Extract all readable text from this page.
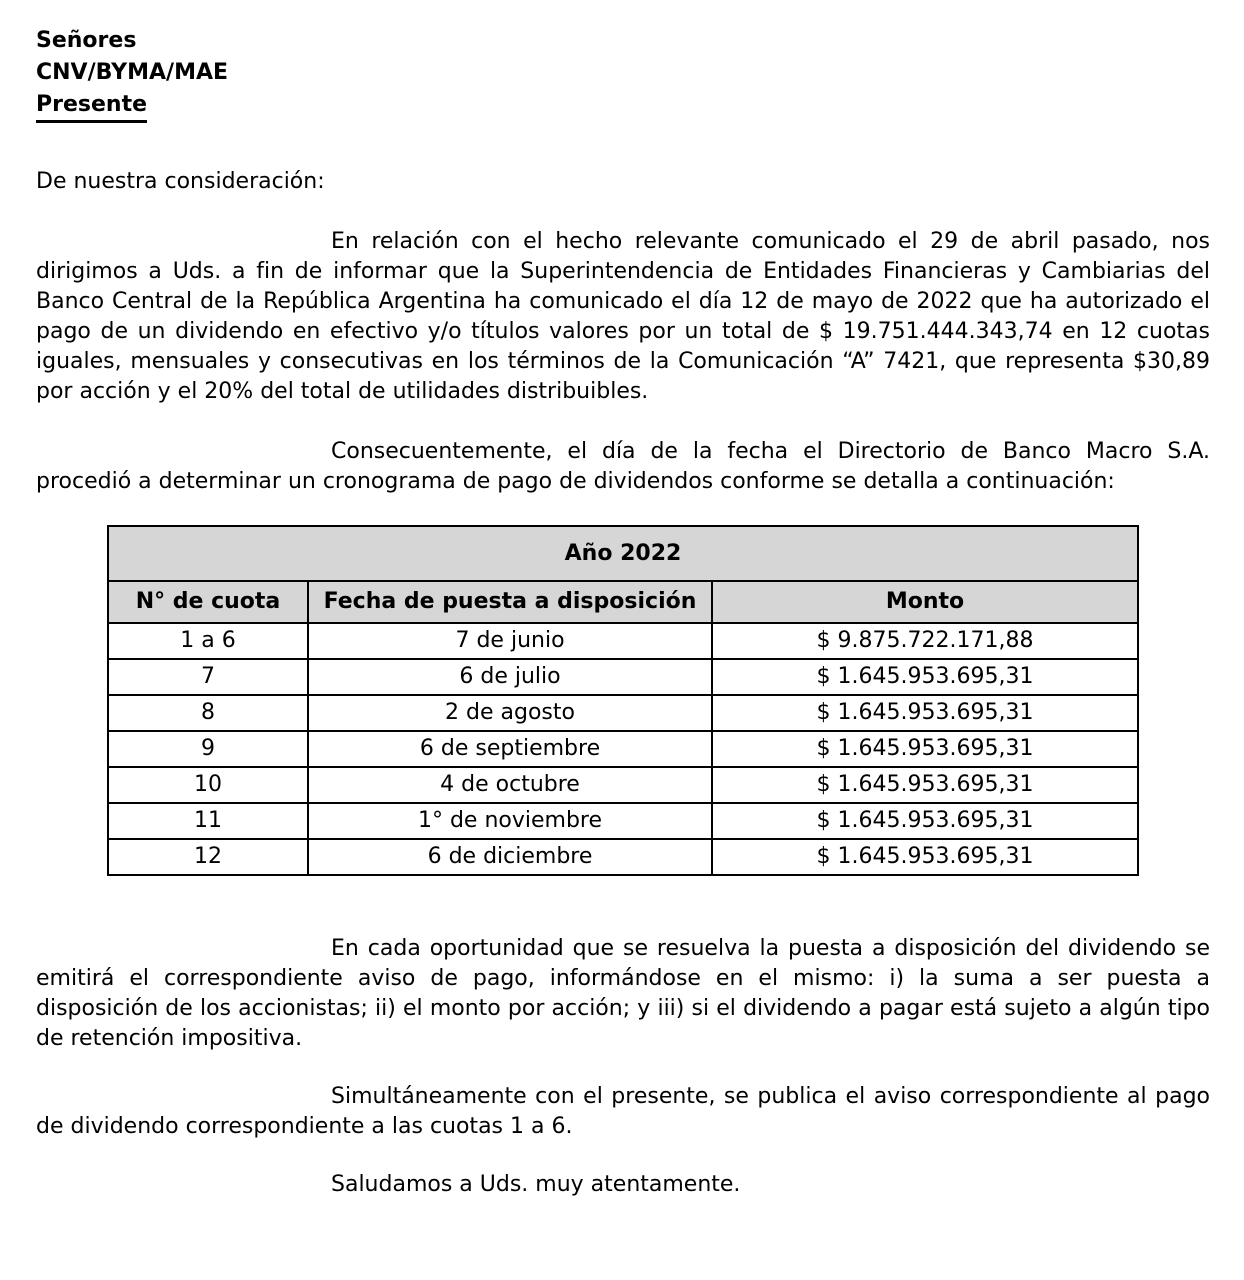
Señores
CNV/BYMA/MAE
Presente

De nuestra consideración:

En relación con el hecho relevante comunicado el 29 de abril pasado, nos dirigimos a Uds. a fin de informar que la Superintendencia de Entidades Financieras y Cambiarias del Banco Central de la República Argentina ha comunicado el día 12 de mayo de 2022 que ha autorizado el pago de un dividendo en efectivo y/o títulos valores por un total de $ 19.751.444.343,74 en 12 cuotas iguales, mensuales y consecutivas en los términos de la Comunicación “A” 7421, que representa $30,89 por acción y el 20% del total de utilidades distribuibles.

Consecuentemente, el día de la fecha el Directorio de Banco Macro S.A. procedió a determinar un cronograma de pago de dividendos conforme se detalla a continuación:

Año 2022		
N° de cuota	Fecha de puesta a disposición	Monto
1 a 6	7 de junio	$ 9.875.722.171,88
7	6 de julio	$ 1.645.953.695,31
8	2 de agosto	$ 1.645.953.695,31
9	6 de septiembre	$ 1.645.953.695,31
10	4 de octubre	$ 1.645.953.695,31
11	1° de noviembre	$ 1.645.953.695,31
12	6 de diciembre	$ 1.645.953.695,31

En cada oportunidad que se resuelva la puesta a disposición del dividendo se emitirá el correspondiente aviso de pago, informándose en el mismo: i) la suma a ser puesta a disposición de los accionistas; ii) el monto por acción; y iii) si el dividendo a pagar está sujeto a algún tipo de retención impositiva.

Simultáneamente con el presente, se publica el aviso correspondiente al pago de dividendo correspondiente a las cuotas 1 a 6.

Saludamos a Uds. muy atentamente.
